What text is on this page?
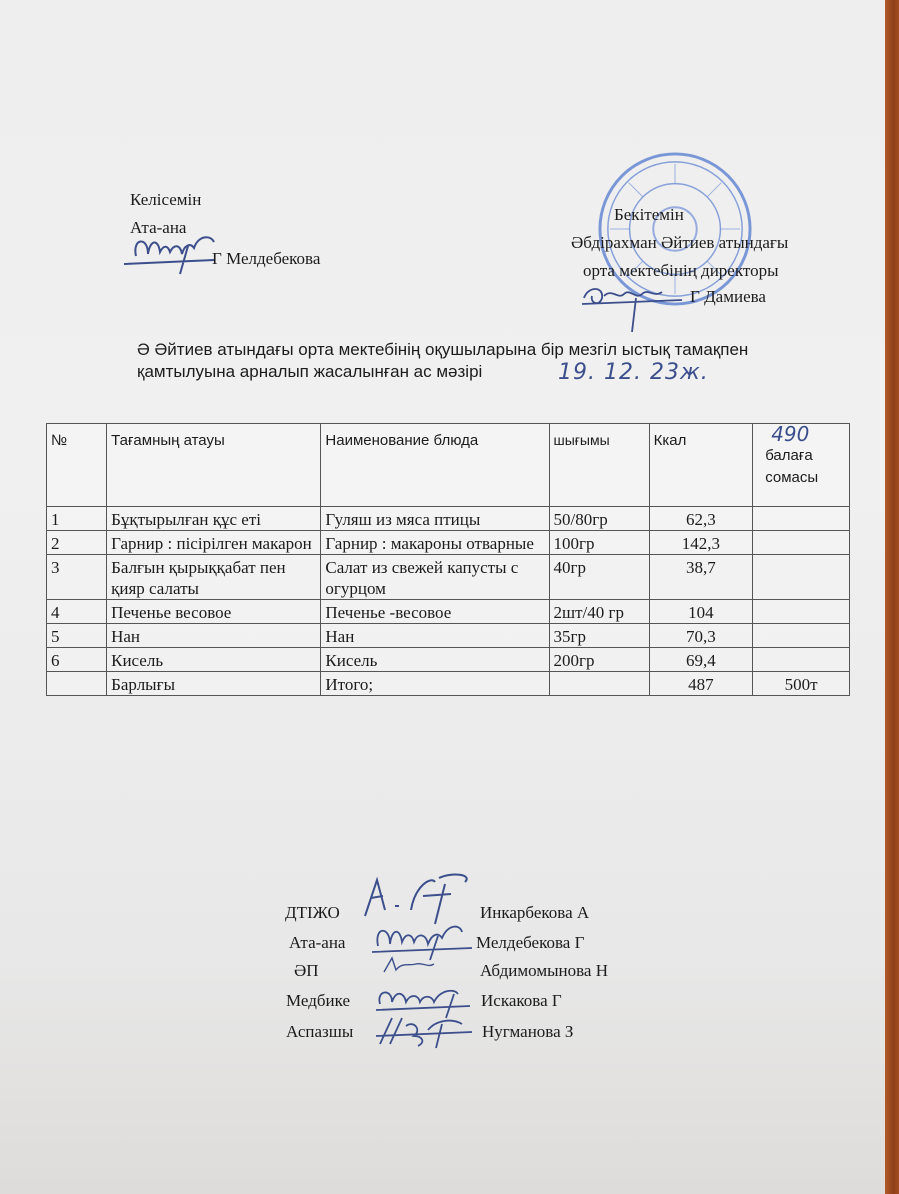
Келісемін
Ата-ана
Г Мелдебекова
Бекітемін
Әбдірахман Әйтиев атындағы
орта мектебінің директоры
Г Дамиева
Ә Әйтиев атындағы орта мектебінің оқушыларына бір мезгіл ыстық тамақпен
қамтылуына арналып жасалынған ас мәзірі	19. 12. 23ж.
№	Тағамның атауы	Наименование блюда	шығымы	Ккал	490
балаға сомасы

1	Бұқтырылған құс еті	Гуляш из мяса птицы	50/80гр	62,3	
2	Гарнир : пісірілген макарон	Гарнир : макароны отварные	100гр	142,3	
3	Балғын қырыққабат пен қияр салаты	Салат из свежей капусты с огурцом	40гр	38,7	
4	Печенье весовое	Печенье -весовое	2шт/40 гр	104	
5	Нан	Нан	35гр	70,3	
6	Кисель	Кисель	200гр	69,4	
	Барлығы	Итого;		487	500т
ДТІЖО	Инкарбекова А
Ата-ана	Мелдебекова Г
ӘП	Абдимомынова Н
Медбике	Искакова Г
Аспазшы	Нугманова З
